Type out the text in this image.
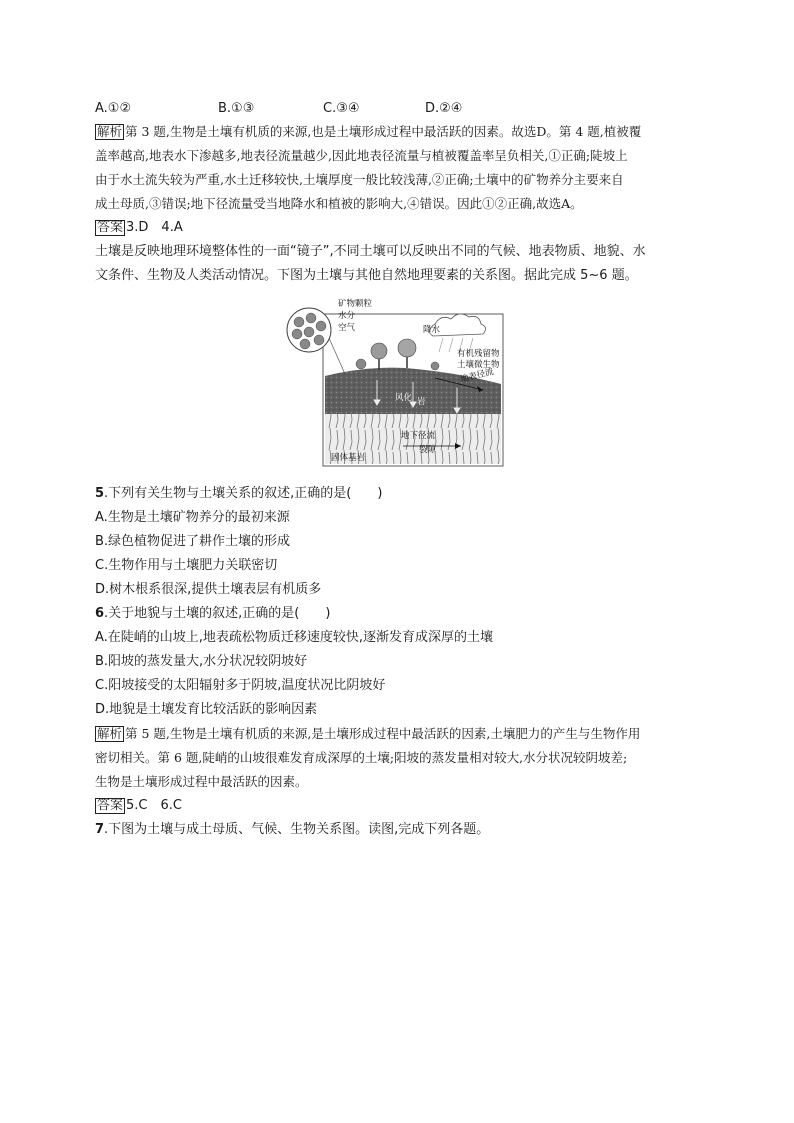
A.①②	B.①③	C.③④	D.②④
解析 第 3 题,生物是土壤有机质的来源,也是土壤形成过程中最活跃的因素。故选D。第 4 题,植被覆
盖率越高,地表水下渗越多,地表径流量越少,因此地表径流量与植被覆盖率呈负相关,①正确;陡坡上
由于水土流失较为严重,水土迁移较快,土壤厚度一般比较浅薄,②正确;土壤中的矿物养分主要来自
成土母质,③错误;地下径流量受当地降水和植被的影响大,④错误。因此①②正确,故选A。
答案 3.D　4.A
土壤是反映地理环境整体性的一面“镜子”,不同土壤可以反映出不同的气候、地表物质、地貌、水
文条件、生物及人类活动情况。下图为土壤与其他自然地理要素的关系图。据此完成 5~6 题。
矿物颗粒
水分
空气	降水
有机残留物
土壤微生物
地表径流
风化 岩
地下径流
裂隙
固体基岩
5.下列有关生物与土壤关系的叙述,正确的是(　　)
A.生物是土壤矿物养分的最初来源
B.绿色植物促进了耕作土壤的形成
C.生物作用与土壤肥力关联密切
D.树木根系很深,提供土壤表层有机质多
6.关于地貌与土壤的叙述,正确的是(　　)
A.在陡峭的山坡上,地表疏松物质迁移速度较快,逐渐发育成深厚的土壤
B.阳坡的蒸发量大,水分状况较阴坡好
C.阳坡接受的太阳辐射多于阴坡,温度状况比阴坡好
D.地貌是土壤发育比较活跃的影响因素
解析 第 5 题,生物是土壤有机质的来源,是土壤形成过程中最活跃的因素,土壤肥力的产生与生物作用
密切相关。第 6 题,陡峭的山坡很难发育成深厚的土壤;阳坡的蒸发量相对较大,水分状况较阴坡差;
生物是土壤形成过程中最活跃的因素。
答案 5.C　6.C
7.下图为土壤与成土母质、气候、生物关系图。读图,完成下列各题。
